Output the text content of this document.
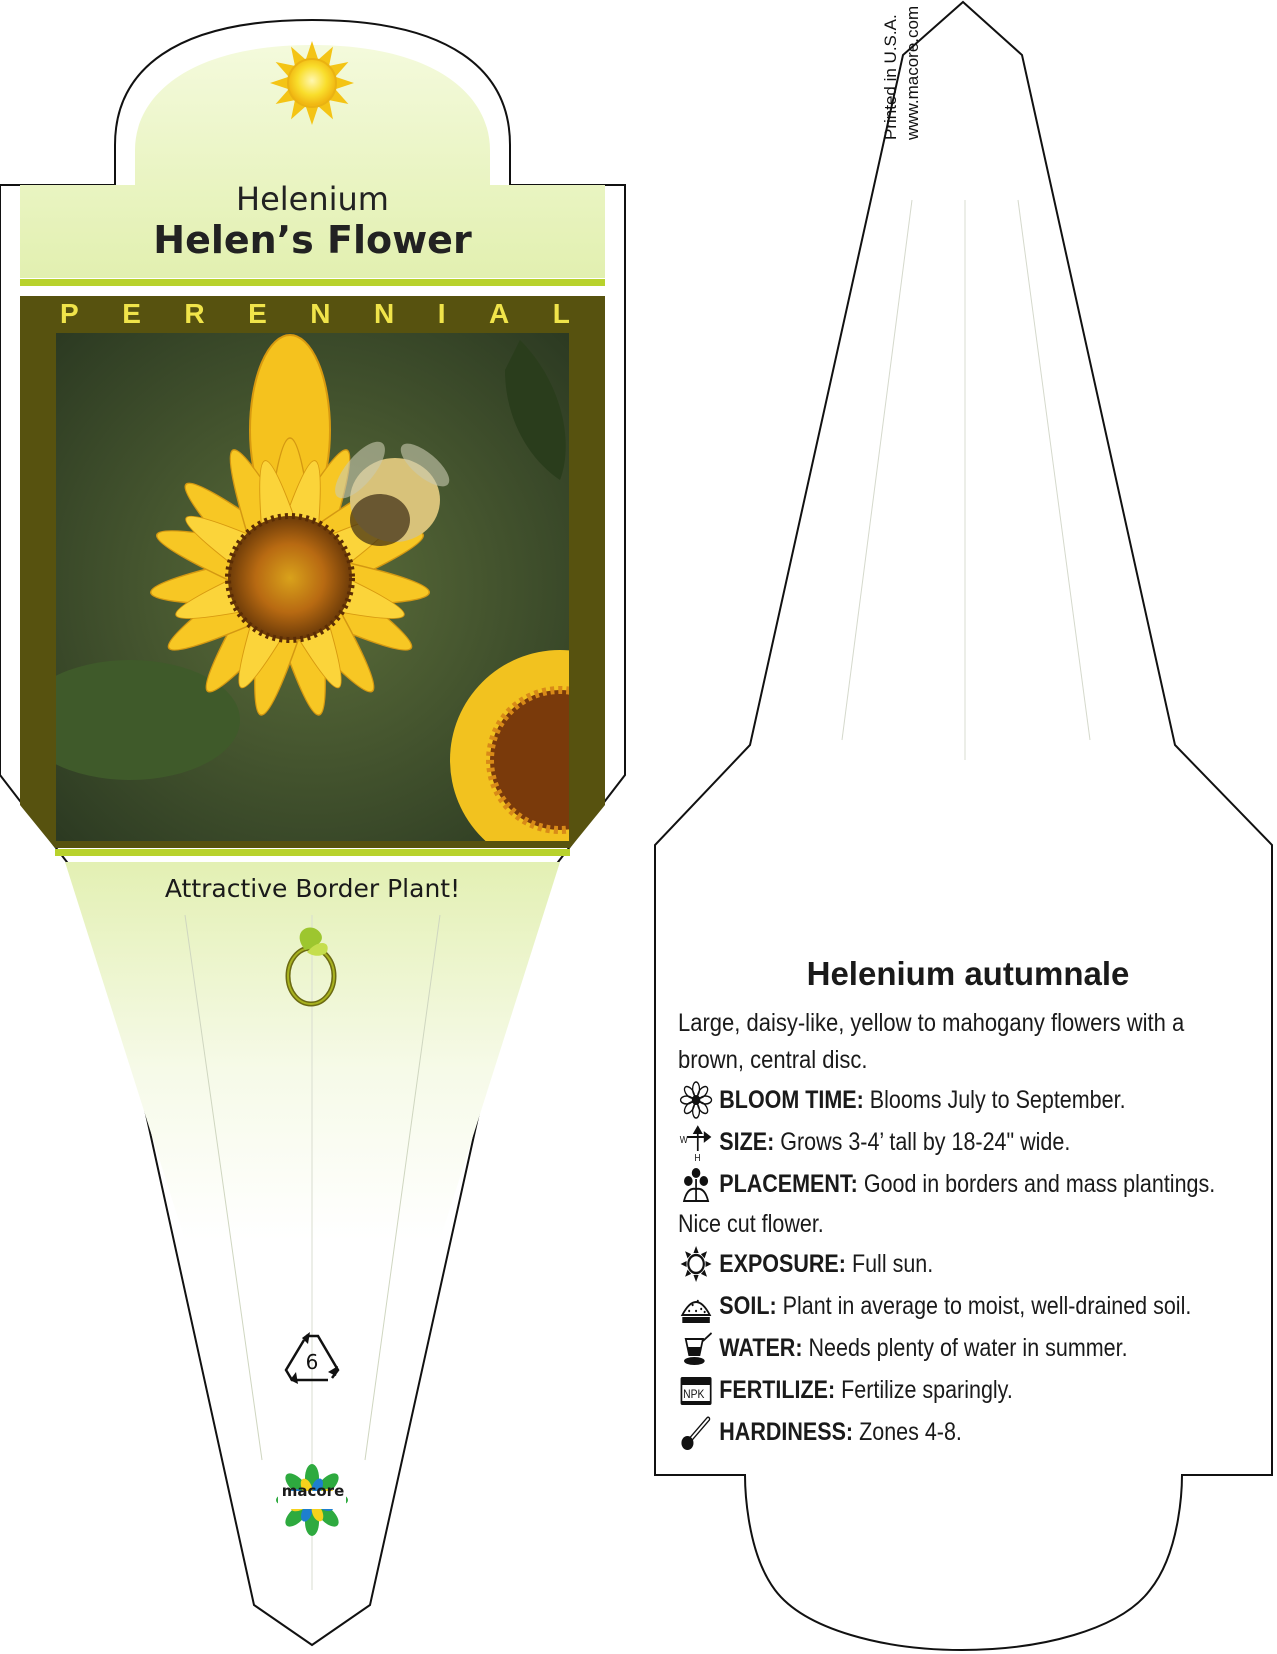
Helenium
Helen’s Flower
P E R E N N I A L
Attractive Border Plant!
6
macore
Printed in U.S.A. www.macore.com
Helenium autumnale
Large, daisy-like, yellow to mahogany flowers with a brown, central disc.
BLOOM TIME: Blooms July to September.
W
H
SIZE: Grows 3-4’ tall by 18-24" wide.
PLACEMENT: Good in borders and mass plantings.
Nice cut flower.
EXPOSURE: Full sun.
SOIL: Plant in average to moist, well-drained soil.
WATER: Needs plenty of water in summer.
NPK FERTILIZE: Fertilize sparingly.
HARDINESS: Zones 4-8.
